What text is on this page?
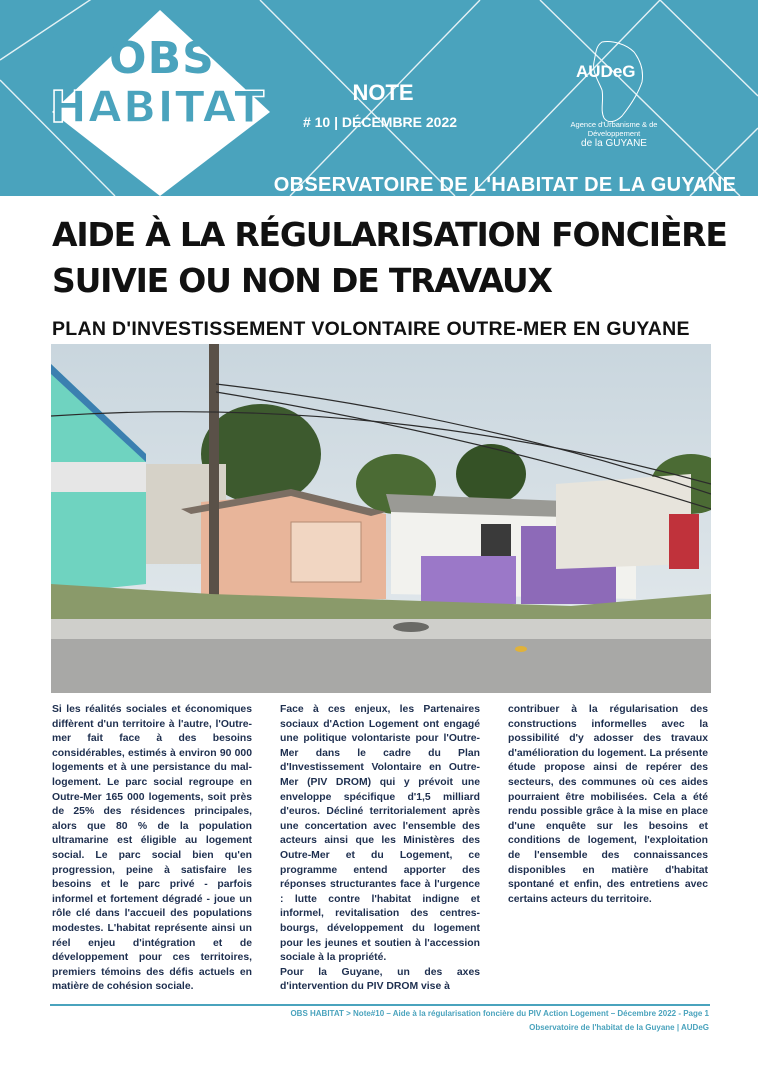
OBS
HABITAT	NOTE
# 10 | DÉCEMBRE 2022
AUDeG
Agence d'Urbanisme & de Développement
de la GUYANE
OBSERVATOIRE DE L'HABITAT DE LA GUYANE
AIDE À LA RÉGULARISATION FONCIÈRE
SUIVIE OU NON DE TRAVAUX
PLAN D'INVESTISSEMENT VOLONTAIRE OUTRE-MER EN GUYANE

Si les réalités sociales et économiques diffèrent d'un territoire à l'autre, l'Outre-mer fait face à des besoins considérables, estimés à environ 90 000 logements et à une persistance du mal-logement. Le parc social regroupe en Outre-Mer 165 000 logements, soit près de 25% des résidences principales, alors que 80 % de la population ultramarine est éligible au logement social. Le parc social bien qu'en progression, peine à satisfaire les besoins et le parc privé - parfois informel et fortement dégradé - joue un rôle clé dans l'accueil des populations modestes. L'habitat représente ainsi un réel enjeu d'intégration et de développement pour ces territoires, premiers témoins des défis actuels en matière de cohésion sociale.

Face à ces enjeux, les Partenaires sociaux d'Action Logement ont engagé une politique volontariste pour l'Outre-Mer dans le cadre du Plan d'Investissement Volontaire en Outre-Mer (PIV DROM) qui y prévoit une enveloppe spécifique d'1,5 milliard d'euros. Décliné territorialement après une concertation avec l'ensemble des acteurs ainsi que les Ministères des Outre-Mer et du Logement, ce programme entend apporter des réponses structurantes face à l'urgence : lutte contre l'habitat indigne et informel, revitalisation des centres-bourgs, développement du logement pour les jeunes et soutien à l'accession sociale à la propriété.

Pour la Guyane, un des axes d'intervention du PIV DROM vise à

contribuer à la régularisation des constructions informelles avec la possibilité d'y adosser des travaux d'amélioration du logement. La présente étude propose ainsi de repérer des secteurs, des communes où ces aides pourraient être mobilisées. Cela a été rendu possible grâce à la mise en place d'une enquête sur les besoins et conditions de logement, l'exploitation de l'ensemble des connaissances disponibles en matière d'habitat spontané et enfin, des entretiens avec certains acteurs du territoire.

OBS HABITAT > Note#10 – Aide à la régularisation foncière du PIV Action Logement – Décembre 2022 - Page 1
Observatoire de l'habitat de la Guyane | AUDeG
